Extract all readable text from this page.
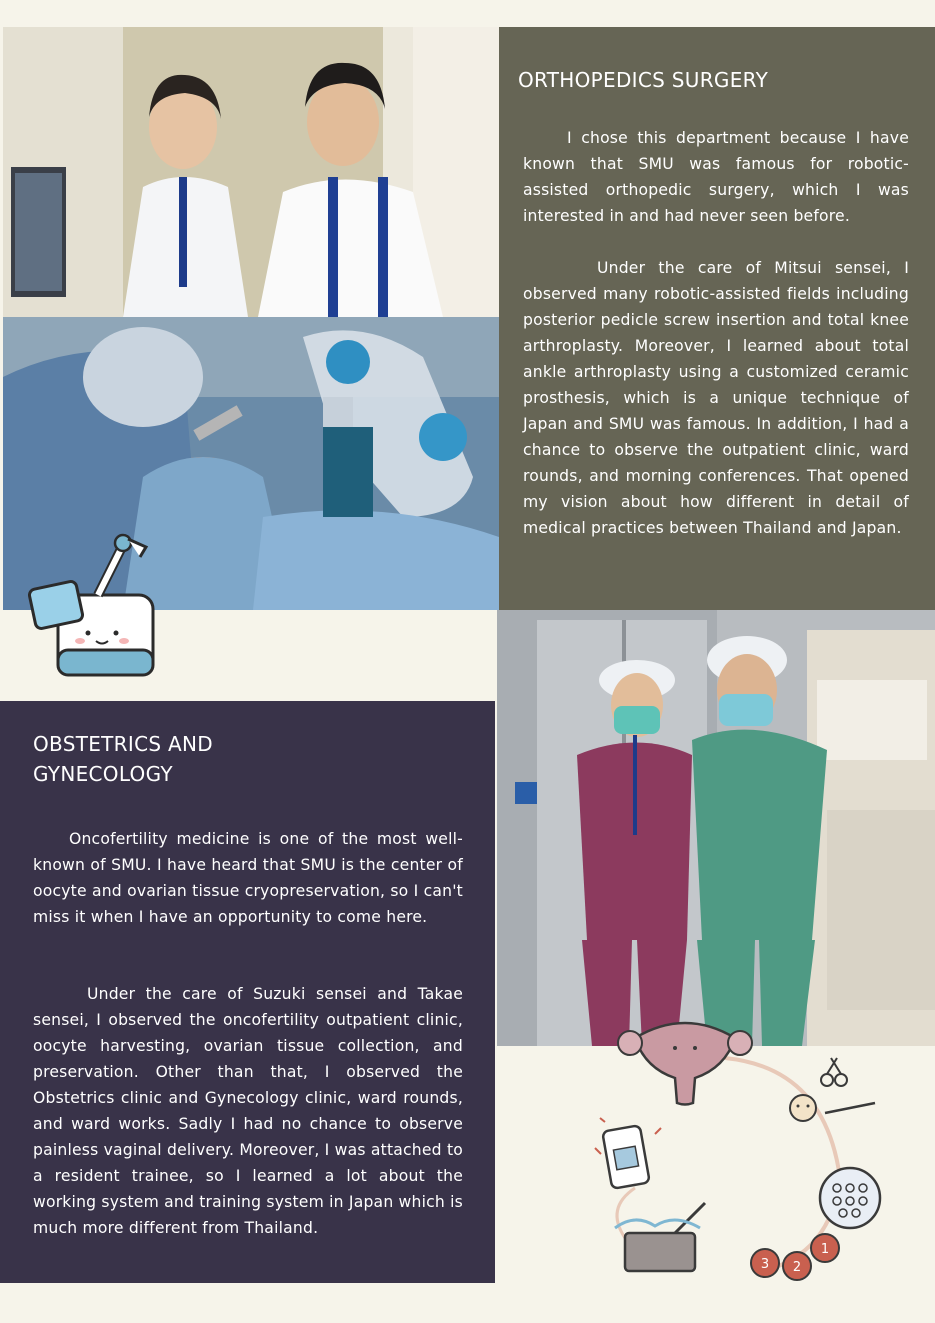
ORTHOPEDICS SURGERY

I chose this department because I have known that SMU was famous for robotic-assisted orthopedic surgery, which I was interested in and had never seen before.

Under the care of Mitsui sensei, I observed many robotic-assisted fields including posterior pedicle screw insertion and total knee arthroplasty. Moreover, I learned about total ankle arthroplasty using a customized ceramic prosthesis, which is a unique technique of Japan and SMU was famous. In addition, I had a chance to observe the outpatient clinic, ward rounds, and morning conferences. That opened my vision about how different in detail of medical practices between Thailand and Japan.

OBSTETRICS AND
GYNECOLOGY

Oncofertility medicine is one of the most well-known of SMU. I have heard that SMU is the center of oocyte and ovarian tissue cryopreservation, so I can't miss it when I have an opportunity to come here.

Under the care of Suzuki sensei and Takae sensei, I observed the oncofertility outpatient clinic, oocyte harvesting, ovarian tissue collection, and preservation. Other than that, I observed the Obstetrics clinic and Gynecology clinic, ward rounds, and ward works. Sadly I had no chance to observe painless vaginal delivery. Moreover, I was attached to a resident trainee, so I learned a lot about the working system and training system in Japan which is much more different from Thailand.

1
2
3
